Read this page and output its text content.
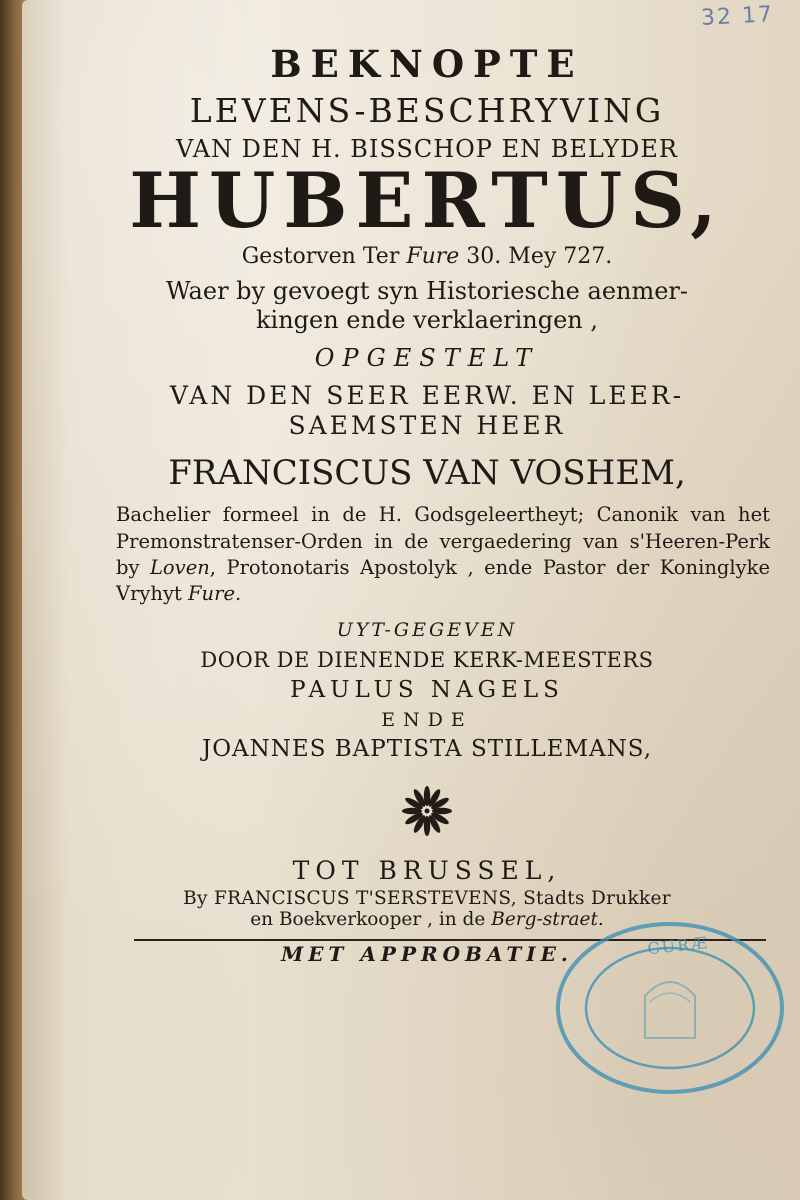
32 17

BEKNOPTE

LEVENS-BESCHRYVING

VAN DEN H. BISSCHOP EN BELYDER

HUBERTUS,

Gestorven Ter Fure 30. Mey 727.

Waer by gevoegt syn Historiesche aenmer-

kingen ende verklaeringen ,

OPGESTELT

VAN DEN SEER EERW. EN LEER-

SAEMSTEN HEER

FRANCISCUS VAN VOSHEM,

Bachelier formeel in de H. Godsgeleertheyt; Canonik van het Premonstratenser-Orden in de vergaedering van s'Heeren-Perk by Loven, Protonotaris Apostolyk , ende Pastor der Koninglyke Vryhyt Fure.

UYT-GEGEVEN

DOOR DE DIENENDE KERK-MEESTERS

PAULUS NAGELS

ENDE

JOANNES BAPTISTA STILLEMANS,

TOT BRUSSEL,

By FRANCISCUS T'SERSTEVENS, Stadts Drukker

en Boekverkooper , in de Berg-straet.

MET APPROBATIE.	CURÆ
